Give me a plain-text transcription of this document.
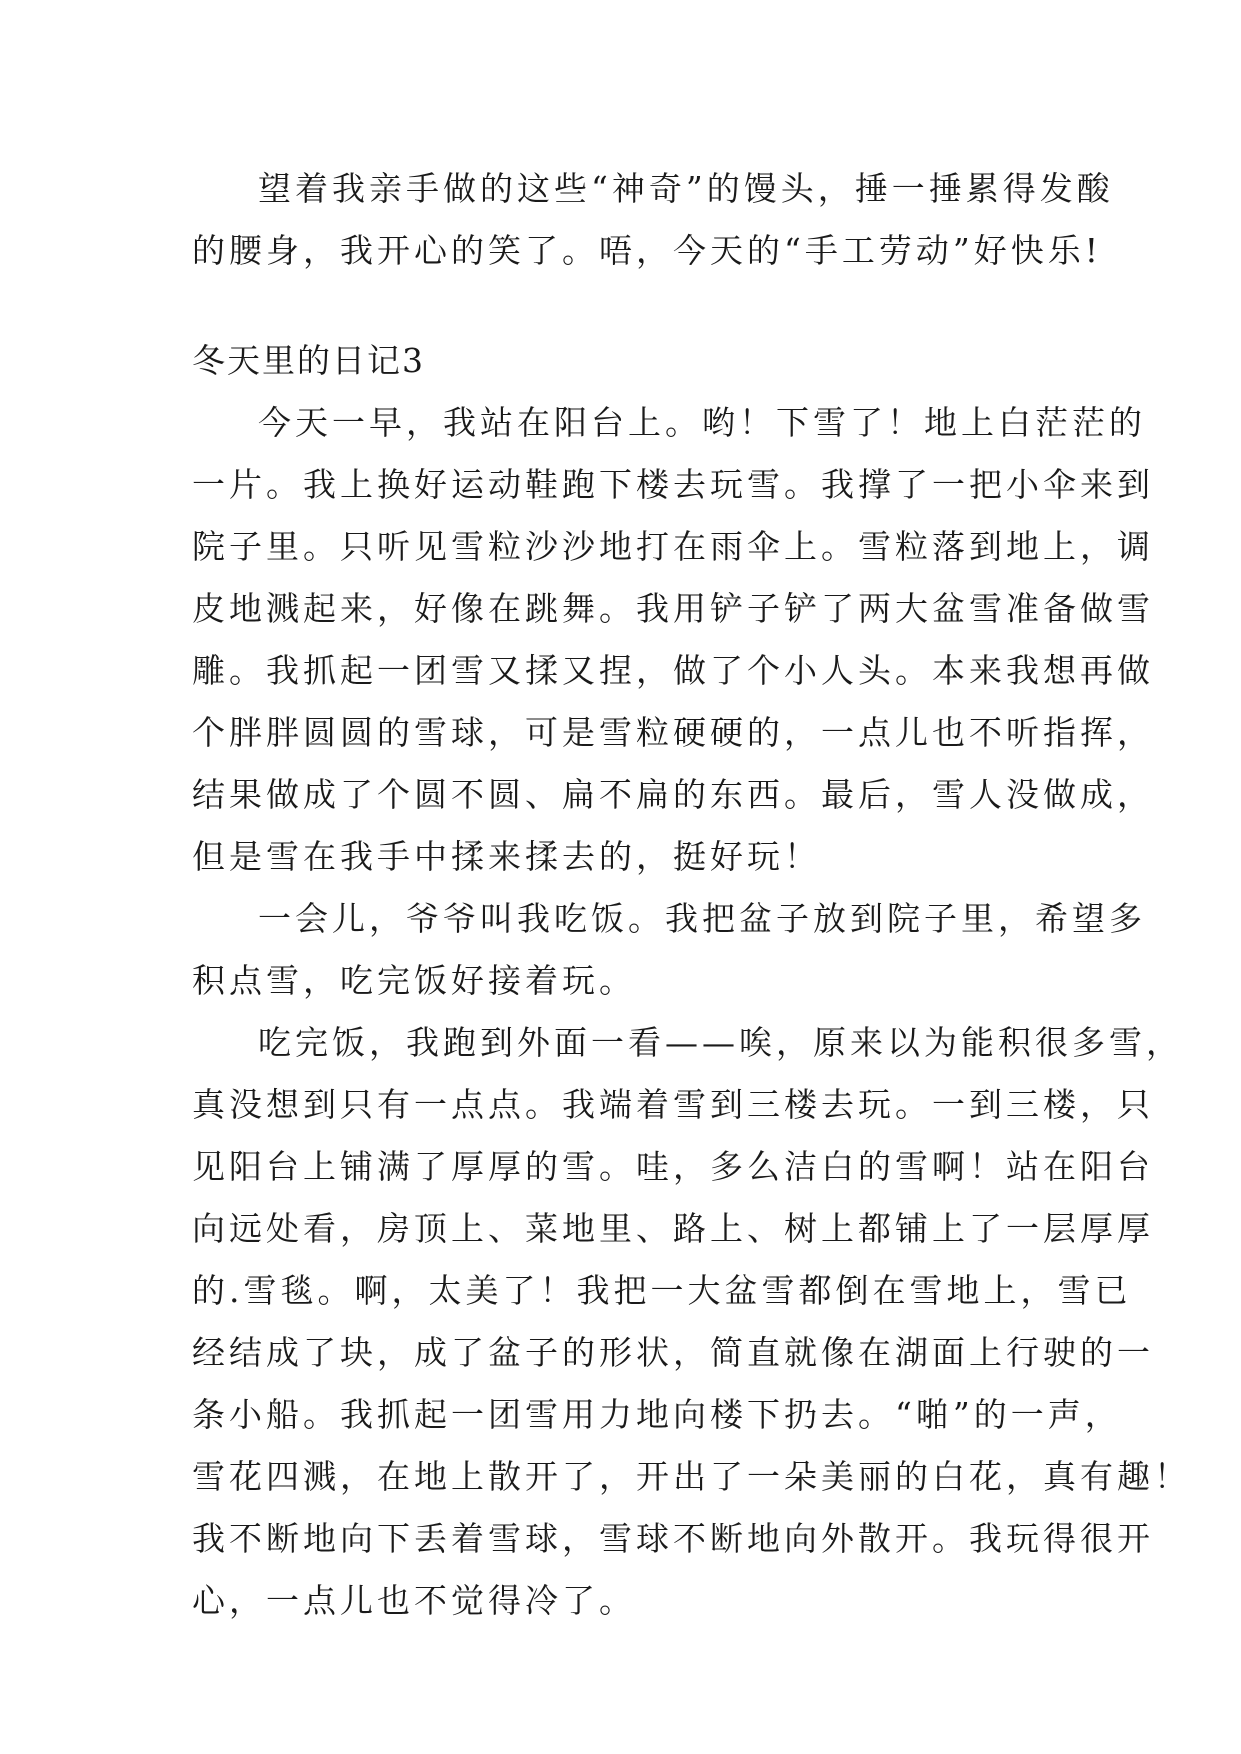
望着我亲手做的这些“神奇”的馒头，捶一捶累得发酸

的腰身，我开心的笑了。唔，今天的“手工劳动”好快乐!

冬天里的日记3

今天一早，我站在阳台上。哟！下雪了！地上白茫茫的

一片。我上换好运动鞋跑下楼去玩雪。我撑了一把小伞来到

院子里。只听见雪粒沙沙地打在雨伞上。雪粒落到地上，调

皮地溅起来，好像在跳舞。我用铲子铲了两大盆雪准备做雪

雕。我抓起一团雪又揉又捏，做了个小人头。本来我想再做

个胖胖圆圆的雪球，可是雪粒硬硬的，一点儿也不听指挥，

结果做成了个圆不圆、扁不扁的东西。最后，雪人没做成，

但是雪在我手中揉来揉去的，挺好玩！

一会儿，爷爷叫我吃饭。我把盆子放到院子里，希望多

积点雪，吃完饭好接着玩。

吃完饭，我跑到外面一看——唉，原来以为能积很多雪，

真没想到只有一点点。我端着雪到三楼去玩。一到三楼，只

见阳台上铺满了厚厚的雪。哇，多么洁白的雪啊！站在阳台

向远处看，房顶上、菜地里、路上、树上都铺上了一层厚厚

的.雪毯。啊，太美了！我把一大盆雪都倒在雪地上，雪已

经结成了块，成了盆子的形状，简直就像在湖面上行驶的一

条小船。我抓起一团雪用力地向楼下扔去。“啪”的一声，

雪花四溅，在地上散开了，开出了一朵美丽的白花，真有趣！

我不断地向下丢着雪球，雪球不断地向外散开。我玩得很开

心，一点儿也不觉得冷了。
